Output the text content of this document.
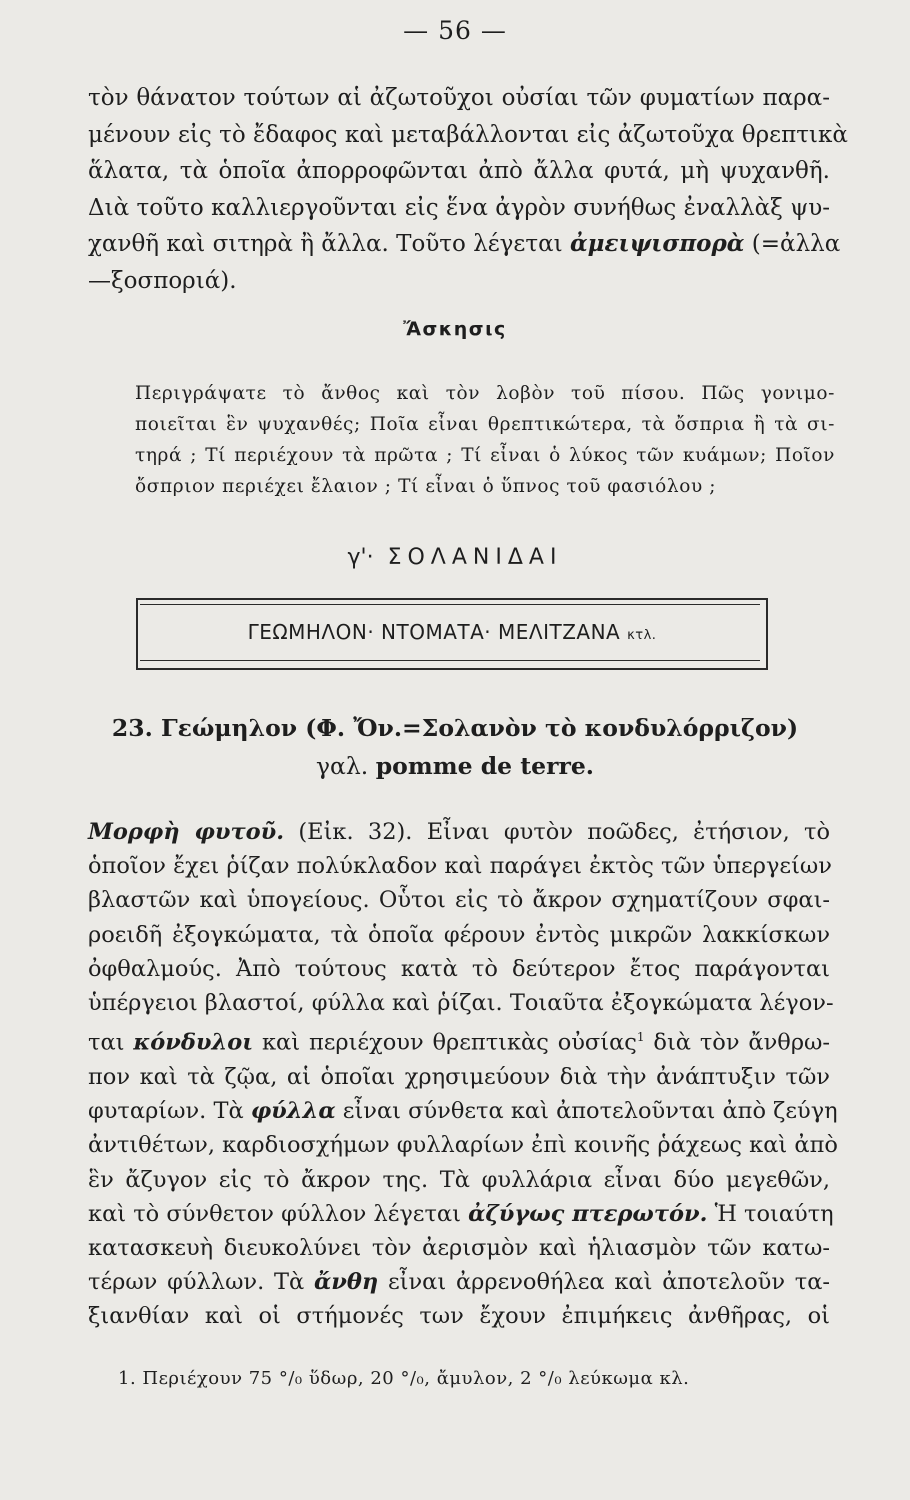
— 56 —
τὸν θάνατον τούτων αἱ ἀζωτοῦχοι οὐσίαι τῶν φυματίων παρα-
μένουν εἰς τὸ ἔδαφος καὶ μεταβάλλονται εἰς ἀζωτοῦχα θρεπτικὰ
ἅλατα, τὰ ὁποῖα ἀπορροφῶνται ἀπὸ ἄλλα φυτά, μὴ ψυχανθῆ.
Διὰ τοῦτο καλλιεργοῦνται εἰς ἕνα ἀγρὸν συνήθως ἐναλλὰξ ψυ-
χανθῆ καὶ σιτηρὰ ἢ ἄλλα. Τοῦτο λέγεται ἀμειψισπορὰ (=ἀλλα
—ξοσποριά).
Ἄσκησις
Περιγράψατε τὸ ἄνθος καὶ τὸν λοβὸν τοῦ πίσου. Πῶς γονιμο-
ποιεῖται ἓν ψυχανθές; Ποῖα εἶναι θρεπτικώτερα, τὰ ὄσπρια ἢ τὰ σι-
τηρά ; Τί περιέχουν τὰ πρῶτα ; Τί εἶναι ὁ λύκος τῶν κυάμων; Ποῖον
ὄσπριον περιέχει ἔλαιον ; Τί εἶναι ὁ ὕπνος τοῦ φασιόλου ;
γ'· ΣΟΛΑΝΙΔΑΙ
ΓΕΩΜΗΛΟΝ· ΝΤΟΜΑΤΑ· ΜΕΛΙΤΖΑΝΑ κτλ.
23. Γεώμηλον (Φ. Ὄν.=Σολανὸν τὸ κονδυλόρριζον)
γαλ. pomme de terre.
Μορφὴ φυτοῦ. (Εἰκ. 32). Εἶναι φυτὸν ποῶδες, ἐτήσιον, τὸ
ὁποῖον ἔχει ῥίζαν πολύκλαδον καὶ παράγει ἐκτὸς τῶν ὑπεργείων
βλαστῶν καὶ ὑπογείους. Οὗτοι εἰς τὸ ἄκρον σχηματίζουν σφαι-
ροειδῆ ἐξογκώματα, τὰ ὁποῖα φέρουν ἐντὸς μικρῶν λακκίσκων
ὀφθαλμούς. Ἀπὸ τούτους κατὰ τὸ δεύτερον ἔτος παράγονται
ὑπέργειοι βλαστοί, φύλλα καὶ ῥίζαι. Τοιαῦτα ἐξογκώματα λέγον-
ται κόνδυλοι καὶ περιέχουν θρεπτικὰς οὐσίας$^1$ διὰ τὸν ἄνθρω-
πον καὶ τὰ ζῷα, αἱ ὁποῖαι χρησιμεύουν διὰ τὴν ἀνάπτυξιν τῶν
φυταρίων. Τὰ φύλλα εἶναι σύνθετα καὶ ἀποτελοῦνται ἀπὸ ζεύγη
ἀντιθέτων, καρδιοσχήμων φυλλαρίων ἐπὶ κοινῆς ῥάχεως καὶ ἀπὸ
ἓν ἄζυγον εἰς τὸ ἄκρον της. Τὰ φυλλάρια εἶναι δύο μεγεθῶν,
καὶ τὸ σύνθετον φύλλον λέγεται ἀζύγως πτερωτόν. Ἡ τοιαύτη
κατασκευὴ διευκολύνει τὸν ἀερισμὸν καὶ ἡλιασμὸν τῶν κατω-
τέρων φύλλων. Τὰ ἄνθη εἶναι ἀρρενοθήλεα καὶ ἀποτελοῦν τα-
ξιανθίαν καὶ οἱ στήμονές των ἔχουν ἐπιμήκεις ἀνθῆρας, οἱ
1. Περιέχουν 75 °/₀ ὕδωρ, 20 °/₀, ἄμυλον, 2 °/₀ λεύκωμα κλ.
